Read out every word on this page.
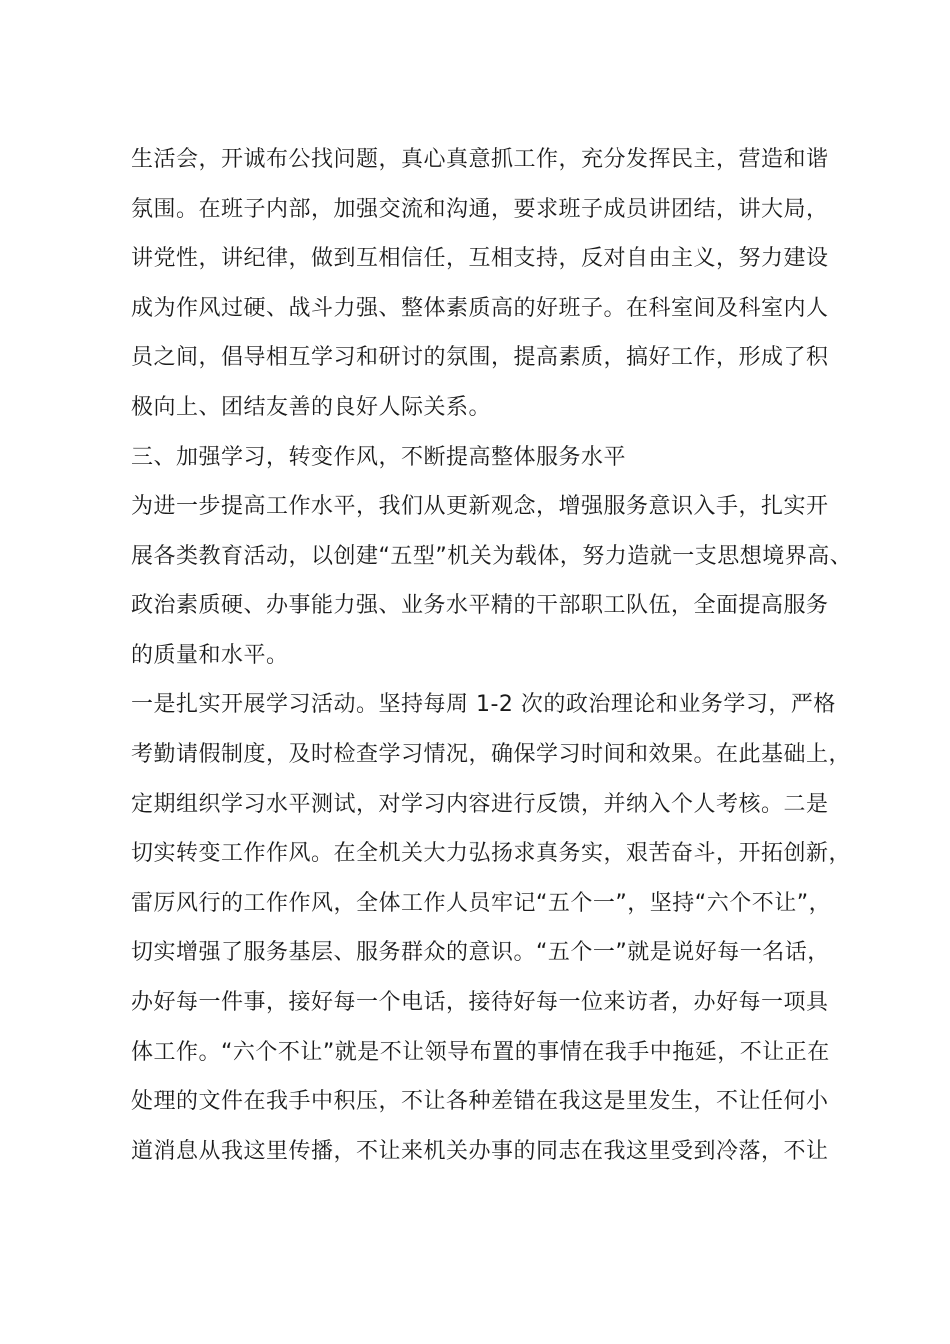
生活会，开诚布公找问题，真心真意抓工作，充分发挥民主，营造和谐
氛围。在班子内部，加强交流和沟通，要求班子成员讲团结，讲大局，
讲党性，讲纪律，做到互相信任，互相支持，反对自由主义，努力建设
成为作风过硬、战斗力强、整体素质高的好班子。在科室间及科室内人
员之间，倡导相互学习和研讨的氛围，提高素质，搞好工作，形成了积
极向上、团结友善的良好人际关系。
三、加强学习，转变作风，不断提高整体服务水平
为进一步提高工作水平，我们从更新观念，增强服务意识入手，扎实开
展各类教育活动，以创建“五型”机关为载体，努力造就一支思想境界高、
政治素质硬、办事能力强、业务水平精的干部职工队伍，全面提高服务
的质量和水平。
一是扎实开展学习活动。坚持每周 1-2 次的政治理论和业务学习，严格
考勤请假制度，及时检查学习情况，确保学习时间和效果。在此基础上，
定期组织学习水平测试，对学习内容进行反馈，并纳入个人考核。二是
切实转变工作作风。在全机关大力弘扬求真务实，艰苦奋斗，开拓创新，
雷厉风行的工作作风，全体工作人员牢记“五个一”，坚持“六个不让”，
切实增强了服务基层、服务群众的意识。“五个一”就是说好每一名话，
办好每一件事，接好每一个电话，接待好每一位来访者，办好每一项具
体工作。“六个不让”就是不让领导布置的事情在我手中拖延，不让正在
处理的文件在我手中积压，不让各种差错在我这是里发生，不让任何小
道消息从我这里传播，不让来机关办事的同志在我这里受到冷落，不让
